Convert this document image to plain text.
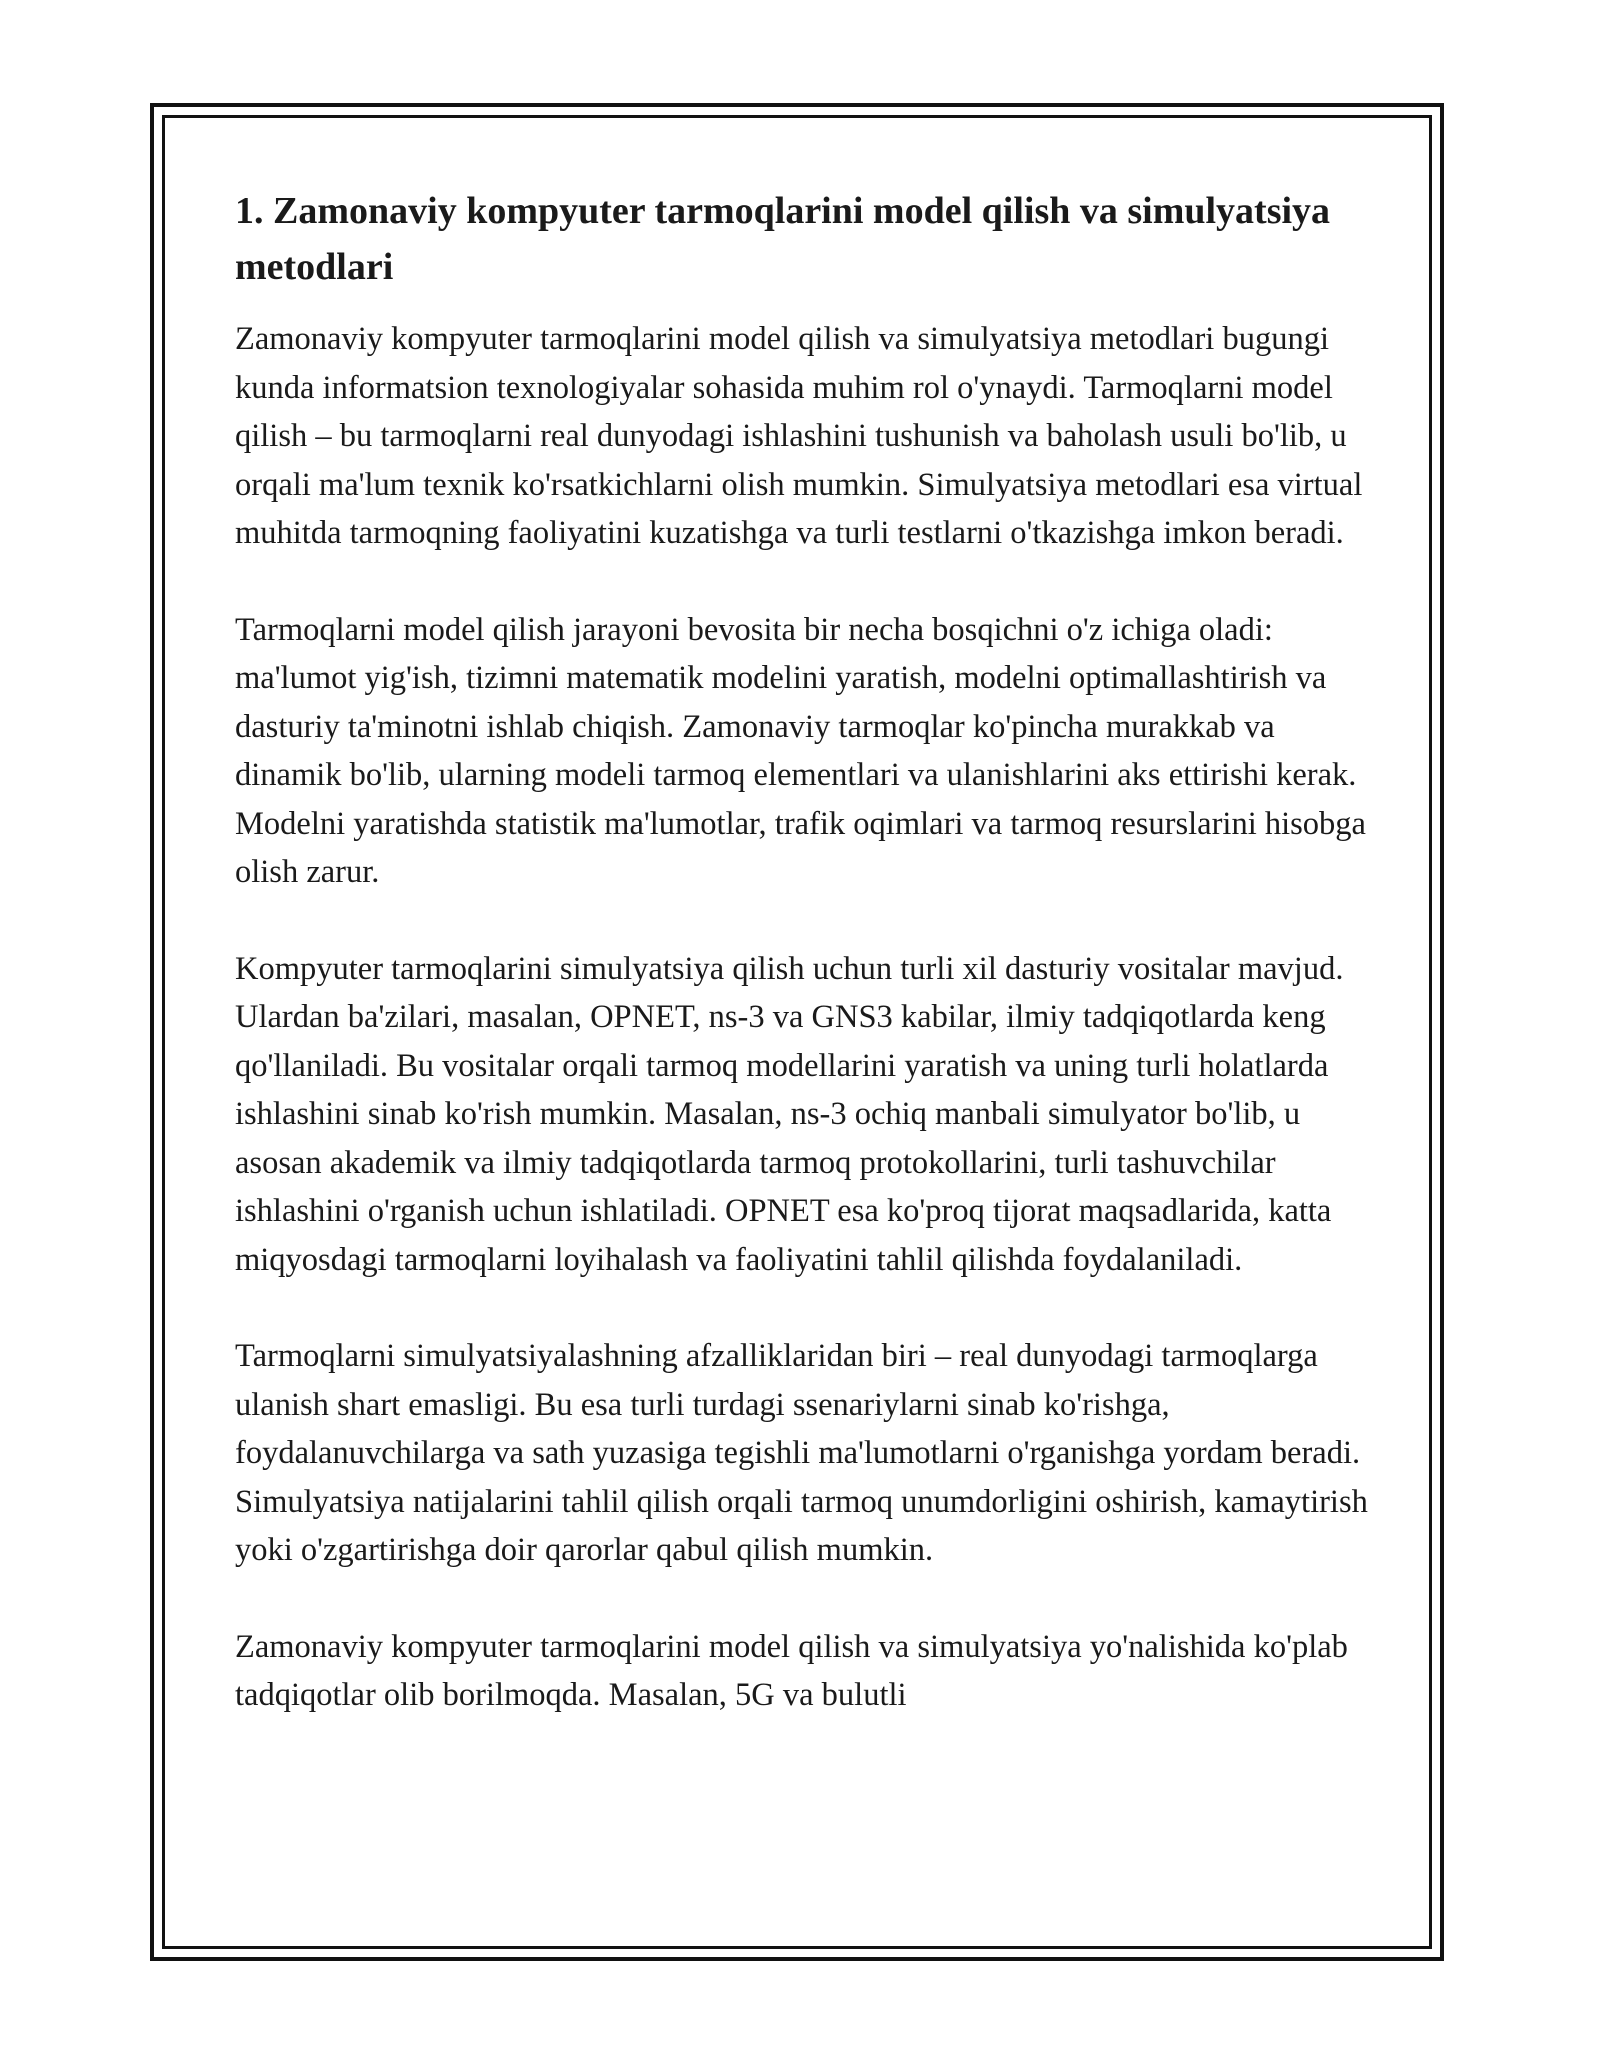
1. Zamonaviy kompyuter tarmoqlarini model qilish va simulyatsiya metodlari

Zamonaviy kompyuter tarmoqlarini model qilish va simulyatsiya metodlari bugungi kunda informatsion texnologiyalar sohasida muhim rol o'ynaydi. Tarmoqlarni model qilish – bu tarmoqlarni real dunyodagi ishlashini tushunish va baholash usuli bo'lib, u orqali ma'lum texnik ko'rsatkichlarni olish mumkin. Simulyatsiya metodlari esa virtual muhitda tarmoqning faoliyatini kuzatishga va turli testlarni o'tkazishga imkon beradi.

Tarmoqlarni model qilish jarayoni bevosita bir necha bosqichni o'z ichiga oladi: ma'lumot yig'ish, tizimni matematik modelini yaratish, modelni optimallashtirish va dasturiy ta'minotni ishlab chiqish. Zamonaviy tarmoqlar ko'pincha murakkab va dinamik bo'lib, ularning modeli tarmoq elementlari va ulanishlarini aks ettirishi kerak. Modelni yaratishda statistik ma'lumotlar, trafik oqimlari va tarmoq resurslarini hisobga olish zarur.

Kompyuter tarmoqlarini simulyatsiya qilish uchun turli xil dasturiy vositalar mavjud. Ulardan ba'zilari, masalan, OPNET, ns-3 va GNS3 kabilar, ilmiy tadqiqotlarda keng qo'llaniladi. Bu vositalar orqali tarmoq modellarini yaratish va uning turli holatlarda ishlashini sinab ko'rish mumkin. Masalan, ns-3 ochiq manbali simulyator bo'lib, u asosan akademik va ilmiy tadqiqotlarda tarmoq protokollarini, turli tashuvchilar ishlashini o'rganish uchun ishlatiladi. OPNET esa ko'proq tijorat maqsadlarida, katta miqyosdagi tarmoqlarni loyihalash va faoliyatini tahlil qilishda foydalaniladi.

Tarmoqlarni simulyatsiyalashning afzalliklaridan biri – real dunyodagi tarmoqlarga ulanish shart emasligi. Bu esa turli turdagi ssenariylarni sinab ko'rishga, foydalanuvchilarga va sath yuzasiga tegishli ma'lumotlarni o'rganishga yordam beradi. Simulyatsiya natijalarini tahlil qilish orqali tarmoq unumdorligini oshirish, kamaytirish yoki o'zgartirishga doir qarorlar qabul qilish mumkin.

Zamonaviy kompyuter tarmoqlarini model qilish va simulyatsiya yo'nalishida ko'plab tadqiqotlar olib borilmoqda. Masalan, 5G va bulutli
